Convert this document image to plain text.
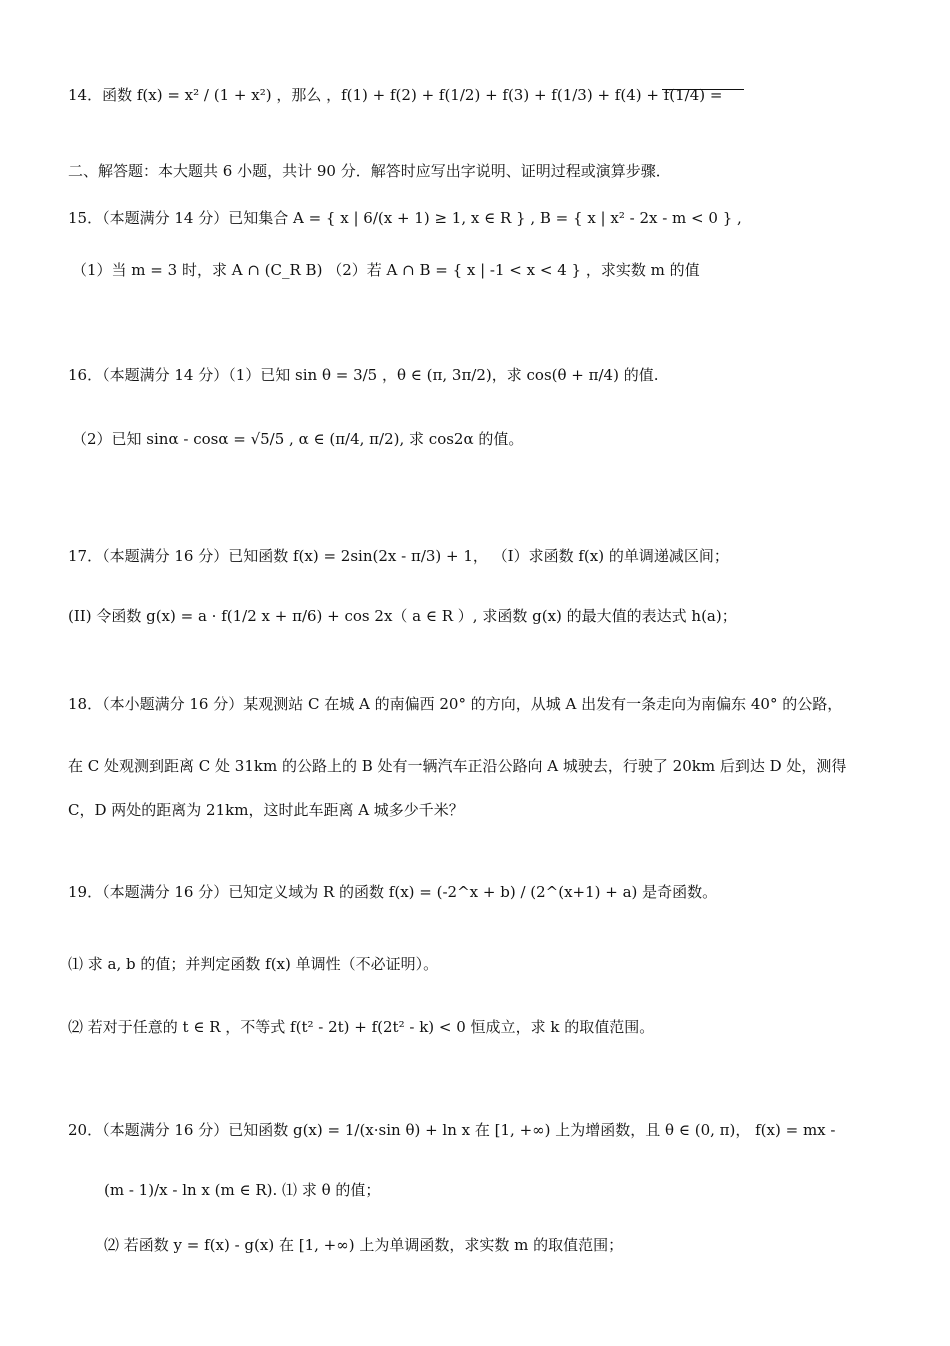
14．函数 f(x) = x² / (1 + x²) ，那么 ，f(1) + f(2) + f(1/2) + f(3) + f(1/3) + f(4) + f(1/4) =
二、解答题：本大题共 6 小题，共计 90 分．解答时应写出字说明、证明过程或演算步骤．
15．（本题满分 14 分）已知集合 A = { x | 6/(x + 1) ≥ 1, x ∈ R } , B = { x | x² - 2x - m < 0 } ,
（1）当 m = 3 时，求 A ∩ (C_R B) （2）若 A ∩ B = { x | -1 < x < 4 } ，求实数 m 的值
16．（本题满分 14 分）（1）已知 sin θ = 3/5 ，θ ∈ (π, 3π/2)，求 cos(θ + π/4) 的值.
（2）已知 sinα - cosα = √5/5 , α ∈ (π/4, π/2), 求 cos2α 的值。
17．（本题满分 16 分）已知函数 f(x) = 2sin(2x - π/3) + 1， （I）求函数 f(x) 的单调递减区间；
(II) 令函数 g(x) = a · f(1/2 x + π/6) + cos 2x（ a ∈ R ）, 求函数 g(x) 的最大值的表达式 h(a)；
18．（本小题满分 16 分）某观测站 C 在城 A 的南偏西 20° 的方向，从城 A 出发有一条走向为南偏东 40° 的公路，
在 C 处观测到距离 C 处 31km 的公路上的 B 处有一辆汽车正沿公路向 A 城驶去，行驶了 20km 后到达 D 处，测得
C，D 两处的距离为 21km，这时此车距离 A 城多少千米？
19．（本题满分 16 分）已知定义域为 R 的函数 f(x) = (-2^x + b) / (2^(x+1) + a) 是奇函数。
⑴ 求 a, b 的值；并判定函数 f(x) 单调性（不必证明）。
⑵ 若对于任意的 t ∈ R ，不等式 f(t² - 2t) + f(2t² - k) < 0 恒成立，求 k 的取值范围。
20．（本题满分 16 分）已知函数 g(x) = 1/(x·sin θ) + ln x 在 [1, +∞) 上为增函数，且 θ ∈ (0, π)， f(x) = mx -
(m - 1)/x - ln x (m ∈ R). ⑴ 求 θ 的值；
⑵ 若函数 y = f(x) - g(x) 在 [1, +∞) 上为单调函数，求实数 m 的取值范围；
